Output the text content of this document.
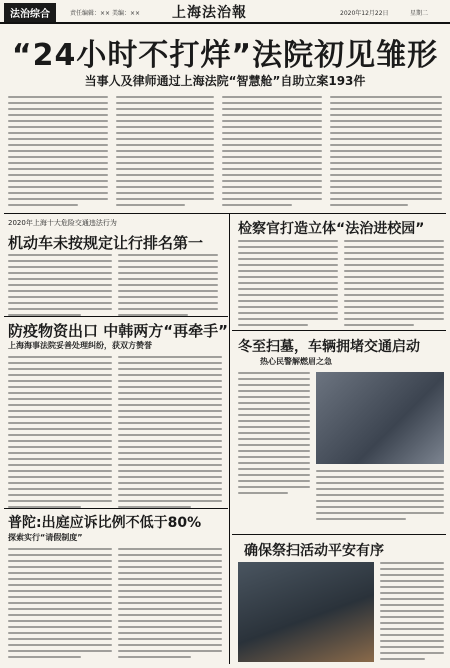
法治综合	责任编辑：×× 美编：×× 上海法治報	2020年12月22日	星期二
“24小时不打烊”法院初见雏形
当事人及律师通过上海法院“智慧舱”自助立案193件
2020年上海十大危险交通违法行为
机动车未按规定让行排名第一
防疫物资出口 中韩两方“再牵手”
上海海事法院妥善处理纠纷，获双方赞誉
普陀:出庭应诉比例不低于80%
探索实行“请假制度”
检察官打造立体“法治进校园”
冬至扫墓，车辆拥堵交通启动
热心民警解燃眉之急
确保祭扫活动平安有序
